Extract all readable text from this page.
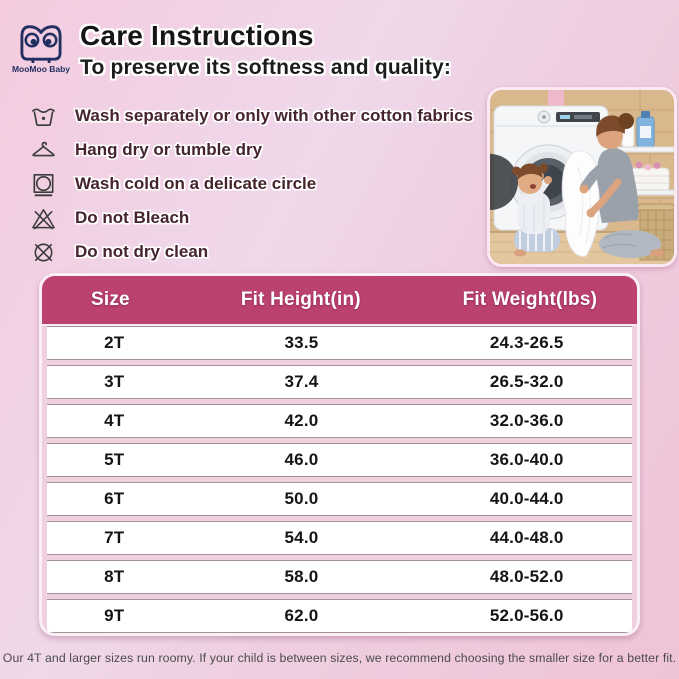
MooMoo Baby
Care Instructions
To preserve its softness and quality:
Wash separately or only with other cotton fabrics
Hang dry or tumble dry
Wash cold on a delicate circle
Do not Bleach
Do not dry clean
Size	Fit Height(in)	Fit Weight(lbs)
2T	33.5	24.3-26.5
3T	37.4	26.5-32.0
4T	42.0	32.0-36.0
5T	46.0	36.0-40.0
6T	50.0	40.0-44.0
7T	54.0	44.0-48.0
8T	58.0	48.0-52.0
9T	62.0	52.0-56.0
Our 4T and larger sizes run roomy. If your child is between sizes, we recommend choosing the smaller size for a better fit.
